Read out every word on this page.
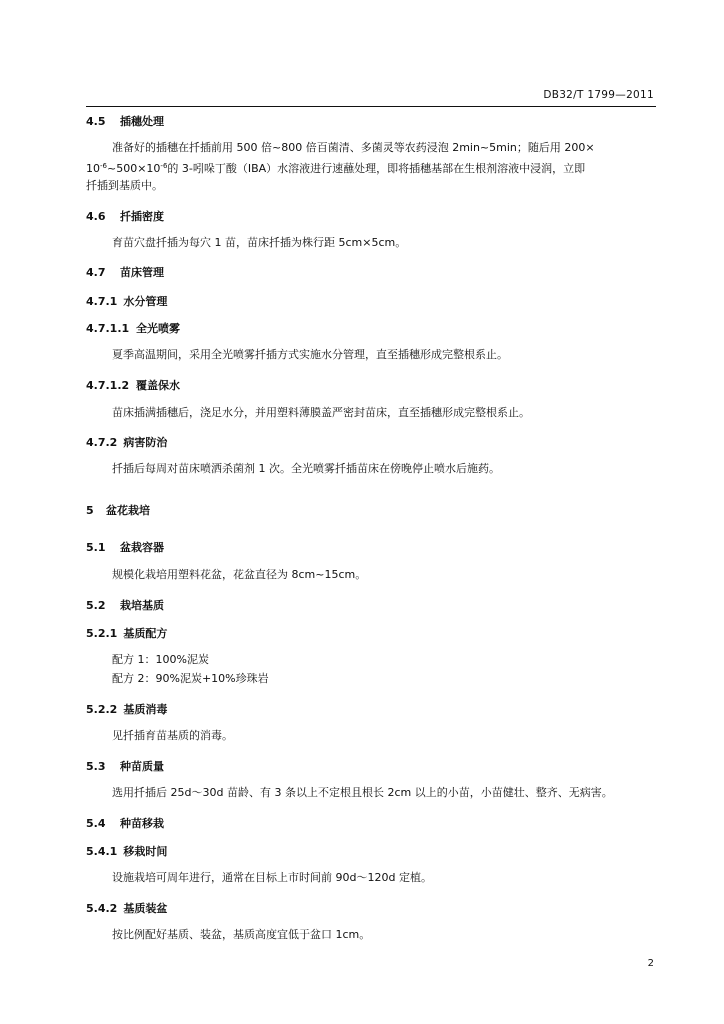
DB32/T 1799—2011
4.5 插穗处理
准备好的插穗在扦插前用 500 倍~800 倍百菌清、多菌灵等农药浸泡 2min~5min；随后用 200×
$10^{-6}\sim 500\times 10^{-6}$的 3-吲哚丁酸（IBA）水溶液进行速蘸处理，即将插穗基部在生根剂溶液中浸润，立即
扦插到基质中。
4.6 扦插密度
育苗穴盘扦插为每穴 1 苗，苗床扦插为株行距 5cm×5cm。
4.7 苗床管理
4.7.1 水分管理
4.7.1.1 全光喷雾
夏季高温期间，采用全光喷雾扦插方式实施水分管理，直至插穗形成完整根系止。
4.7.1.2 覆盖保水
苗床插满插穗后，浇足水分，并用塑料薄膜盖严密封苗床，直至插穗形成完整根系止。
4.7.2 病害防治
扦插后每周对苗床喷洒杀菌剂 1 次。全光喷雾扦插苗床在傍晚停止喷水后施药。
5 盆花栽培
5.1 盆栽容器
规模化栽培用塑料花盆，花盆直径为 8cm~15cm。
5.2 栽培基质
5.2.1 基质配方
配方 1：100%泥炭
配方 2：90%泥炭+10%珍珠岩
5.2.2 基质消毒
见扦插育苗基质的消毒。
5.3 种苗质量
选用扦插后 25d～30d 苗龄、有 3 条以上不定根且根长 2cm 以上的小苗，小苗健壮、整齐、无病害。
5.4 种苗移栽
5.4.1 移栽时间
设施栽培可周年进行，通常在目标上市时间前 90d～120d 定植。
5.4.2 基质装盆
按比例配好基质、装盆，基质高度宜低于盆口 1cm。
2
